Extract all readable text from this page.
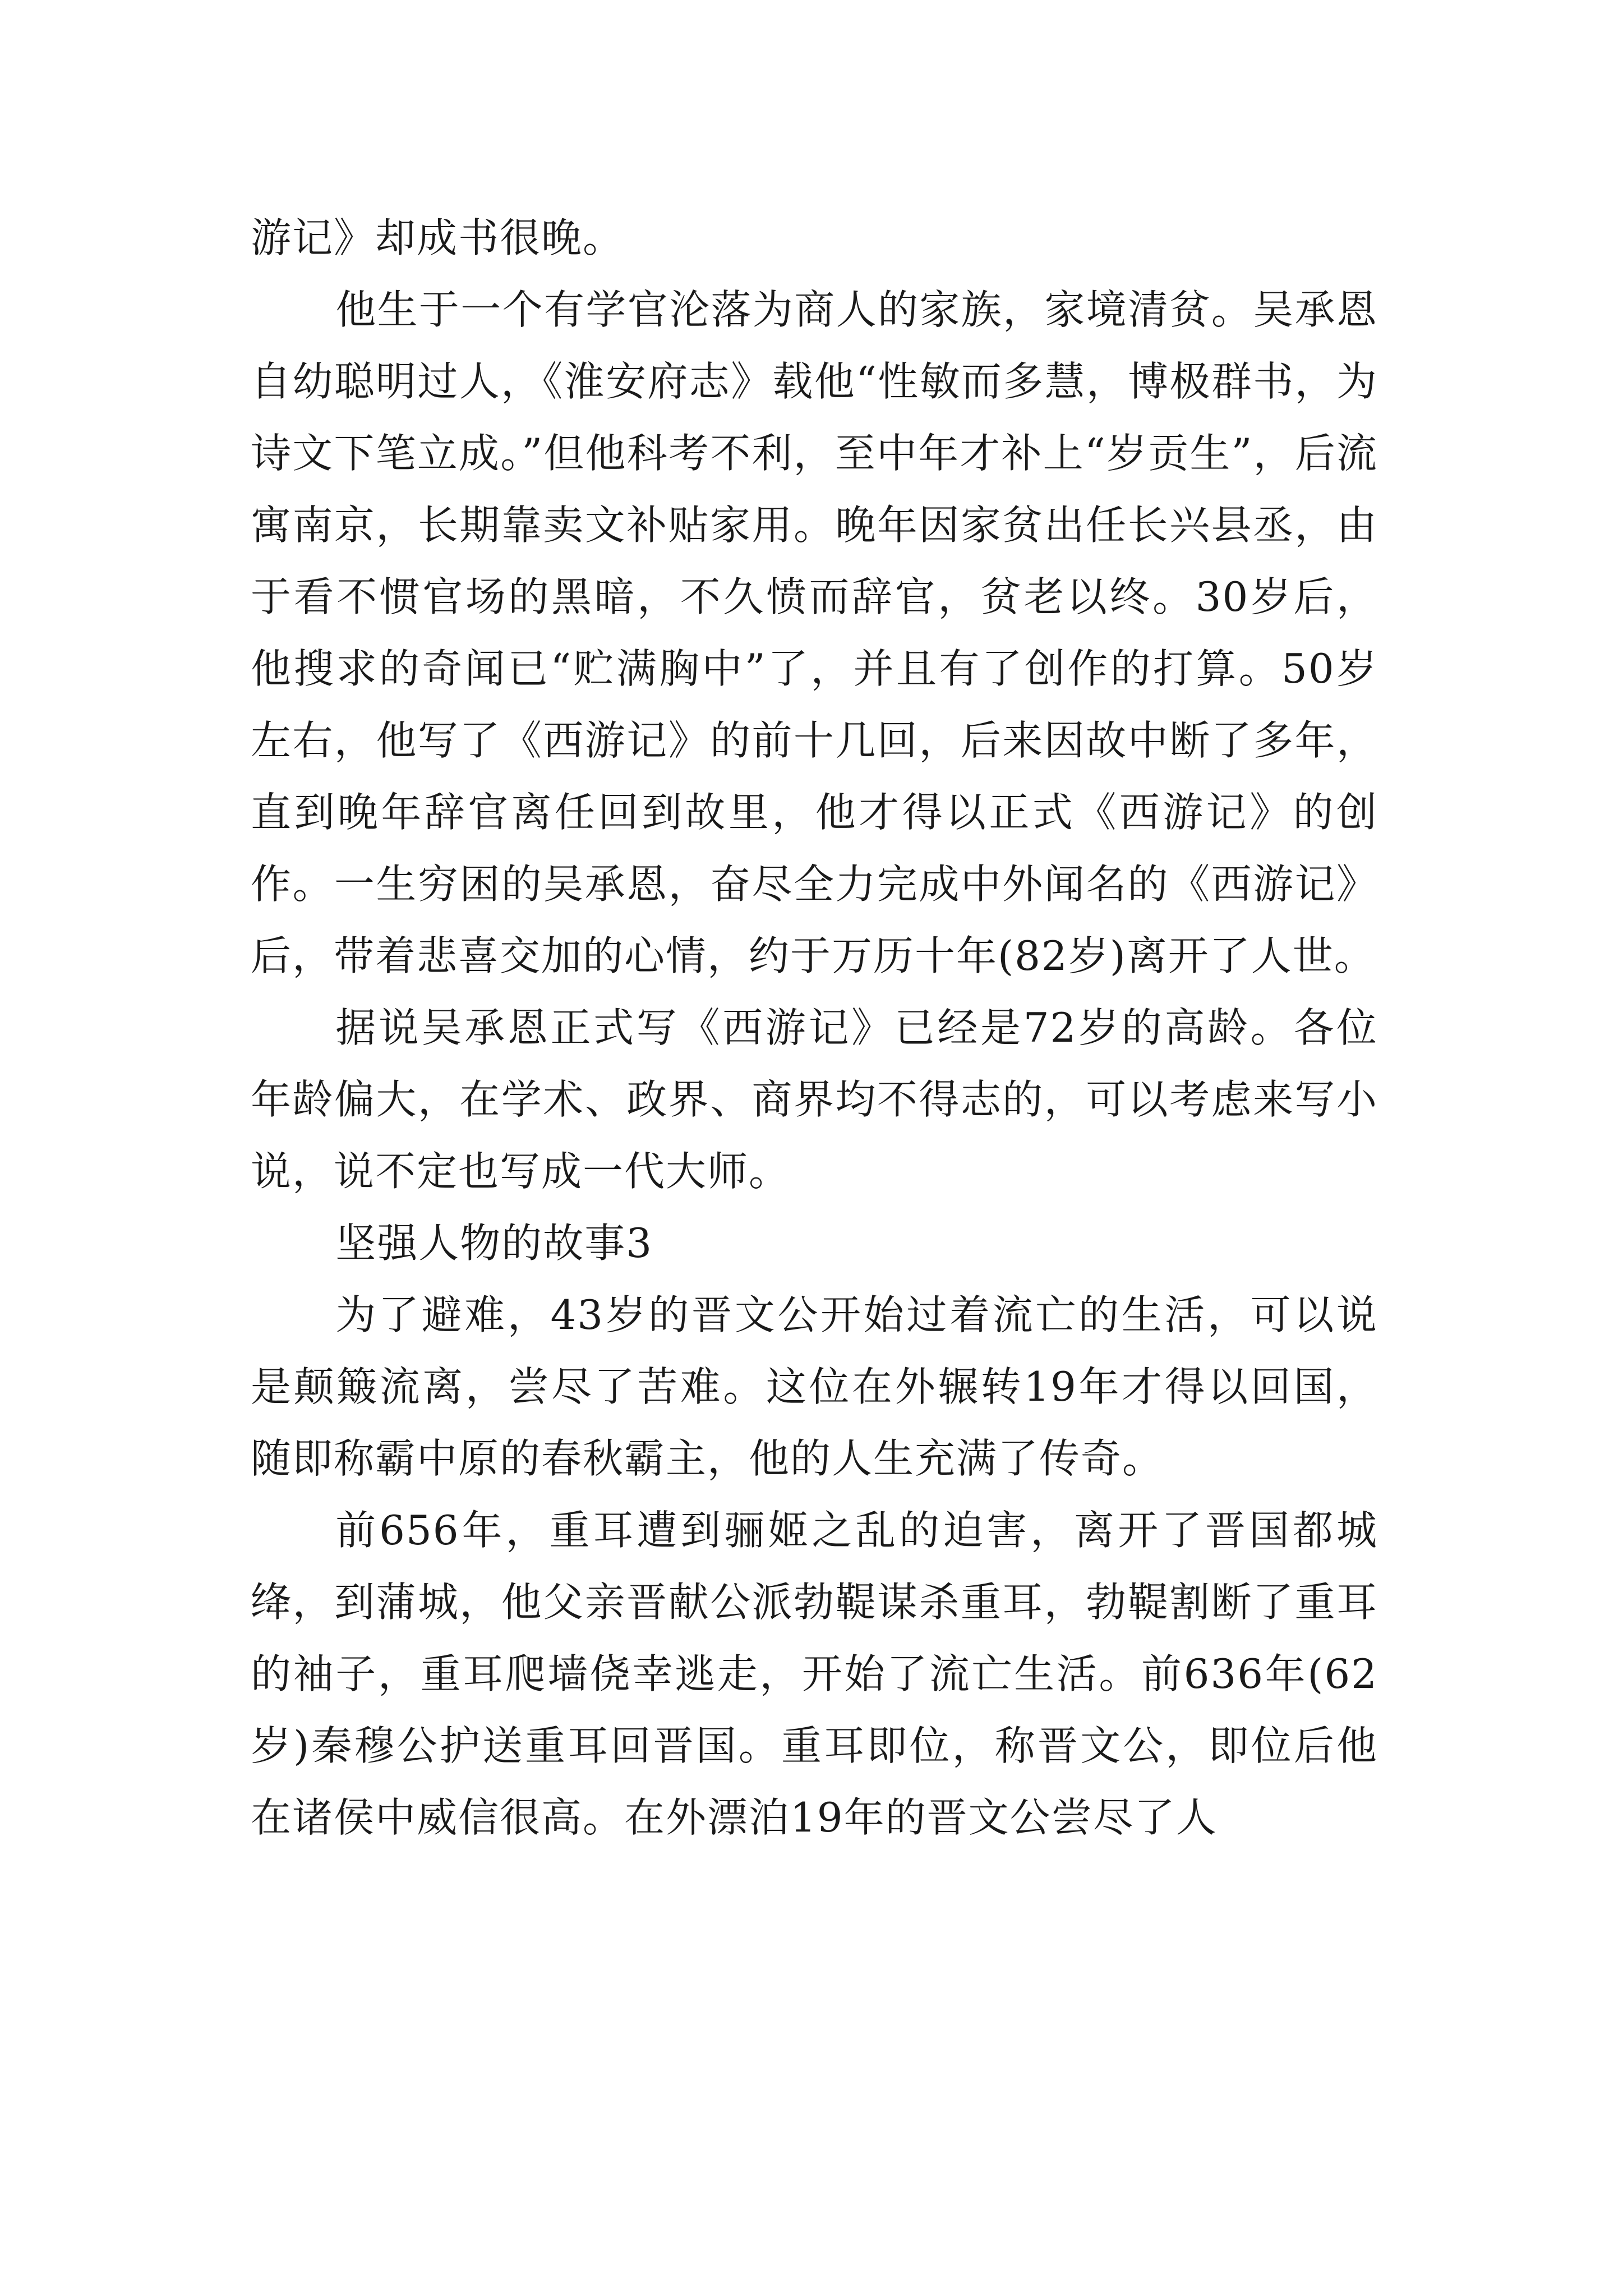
游记》却成书很晚。

他生于一个有学官沦落为商人的家族，家境清贫。吴承恩自幼聪明过人，《淮安府志》载他“性敏而多慧，博极群书，为诗文下笔立成。”但他科考不利，至中年才补上“岁贡生”，后流寓南京，长期靠卖文补贴家用。晚年因家贫出任长兴县丞，由于看不惯官场的黑暗，不久愤而辞官，贫老以终。30岁后，他搜求的奇闻已“贮满胸中”了，并且有了创作的打算。50岁左右，他写了《西游记》的前十几回，后来因故中断了多年，直到晚年辞官离任回到故里，他才得以正式《西游记》的创作。一生穷困的吴承恩，奋尽全力完成中外闻名的《西游记》后，带着悲喜交加的心情，约于万历十年(82岁)离开了人世。

据说吴承恩正式写《西游记》已经是72岁的高龄。各位年龄偏大，在学术、政界、商界均不得志的，可以考虑来写小说，说不定也写成一代大师。

坚强人物的故事3

为了避难，43岁的晋文公开始过着流亡的生活，可以说是颠簸流离，尝尽了苦难。这位在外辗转19年才得以回国，随即称霸中原的春秋霸主，他的人生充满了传奇。

前656年，重耳遭到骊姬之乱的迫害，离开了晋国都城绛，到蒲城，他父亲晋献公派勃鞮谋杀重耳，勃鞮割断了重耳的袖子，重耳爬墙侥幸逃走，开始了流亡生活。前636年(62岁)秦穆公护送重耳回晋国。重耳即位，称晋文公，即位后他在诸侯中威信很高。在外漂泊19年的晋文公尝尽了人
